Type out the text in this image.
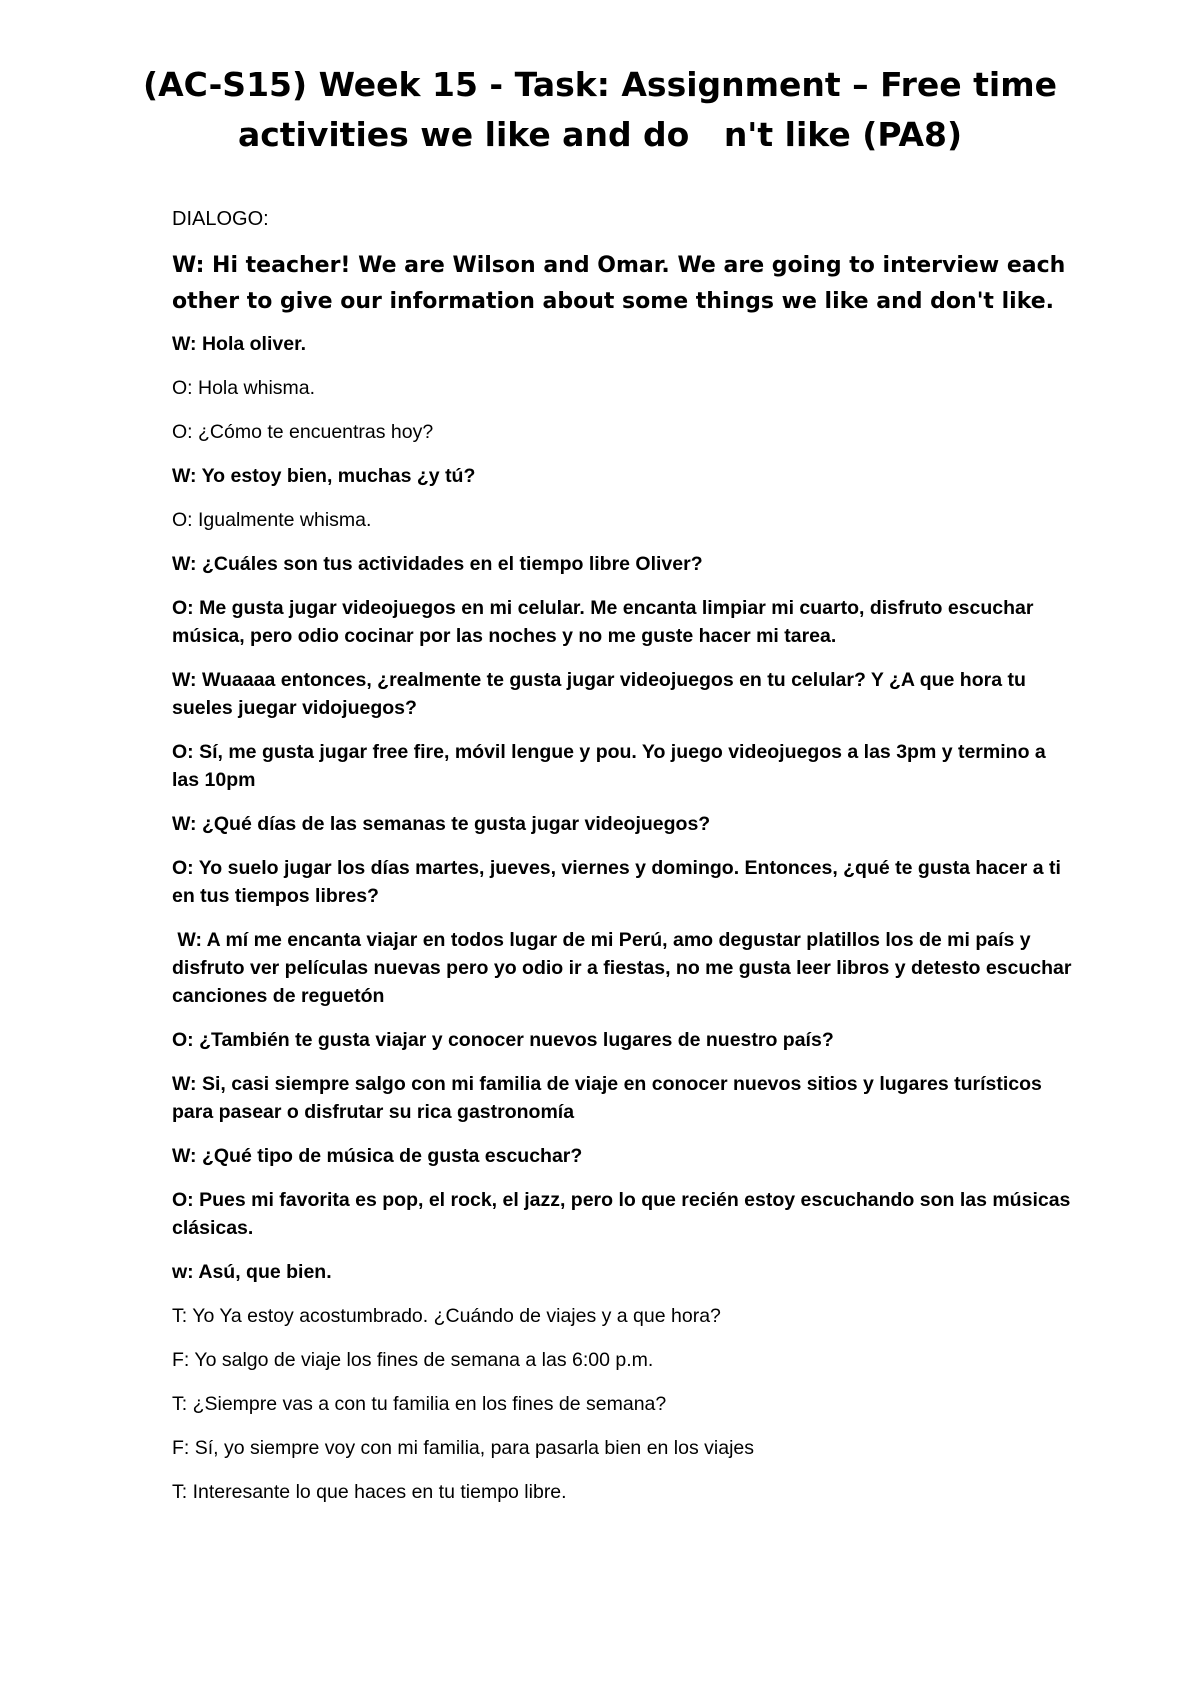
(AC-S15) Week 15 - Task: Assignment – Free time activities we like and do   n't like (PA8)

DIALOGO:

W: Hi teacher! We are Wilson and Omar. We are going to interview each other to give our information about some things we like and don't like.

W: Hola oliver.

O: Hola whisma.

O: ¿Cómo te encuentras hoy?

W: Yo estoy bien, muchas ¿y tú?

O: Igualmente whisma.

W: ¿Cuáles son tus actividades en el tiempo libre Oliver?

O: Me gusta jugar videojuegos en mi celular. Me encanta limpiar mi cuarto, disfruto escuchar música, pero odio cocinar por las noches y no me guste hacer mi tarea.

W: Wuaaaa entonces, ¿realmente te gusta jugar videojuegos en tu celular? Y ¿A que hora tu sueles juegar vidojuegos?

O: Sí, me gusta jugar free fire, móvil lengue y pou. Yo juego videojuegos a las 3pm y termino a las 10pm

W: ¿Qué días de las semanas te gusta jugar videojuegos?

O: Yo suelo jugar los días martes, jueves, viernes y domingo. Entonces, ¿qué te gusta hacer a ti en tus tiempos libres?

W: A mí me encanta viajar en todos lugar de mi Perú, amo degustar platillos los de mi país y disfruto ver películas nuevas pero yo odio ir a fiestas, no me gusta leer libros y detesto escuchar canciones de reguetón

O: ¿También te gusta viajar y conocer nuevos lugares de nuestro país?

W: Si, casi siempre salgo con mi familia de viaje en conocer nuevos sitios y lugares turísticos para pasear o disfrutar su rica gastronomía

W: ¿Qué tipo de música de gusta escuchar?

O: Pues mi favorita es pop, el rock, el jazz, pero lo que recién estoy escuchando son las músicas clásicas.

w: Asú, que bien.

T: Yo Ya estoy acostumbrado. ¿Cuándo de viajes y a que hora?

F: Yo salgo de viaje los fines de semana a las 6:00 p.m.

T: ¿Siempre vas a con tu familia en los fines de semana?

F: Sí, yo siempre voy con mi familia, para pasarla bien en los viajes

T: Interesante lo que haces en tu tiempo libre.
